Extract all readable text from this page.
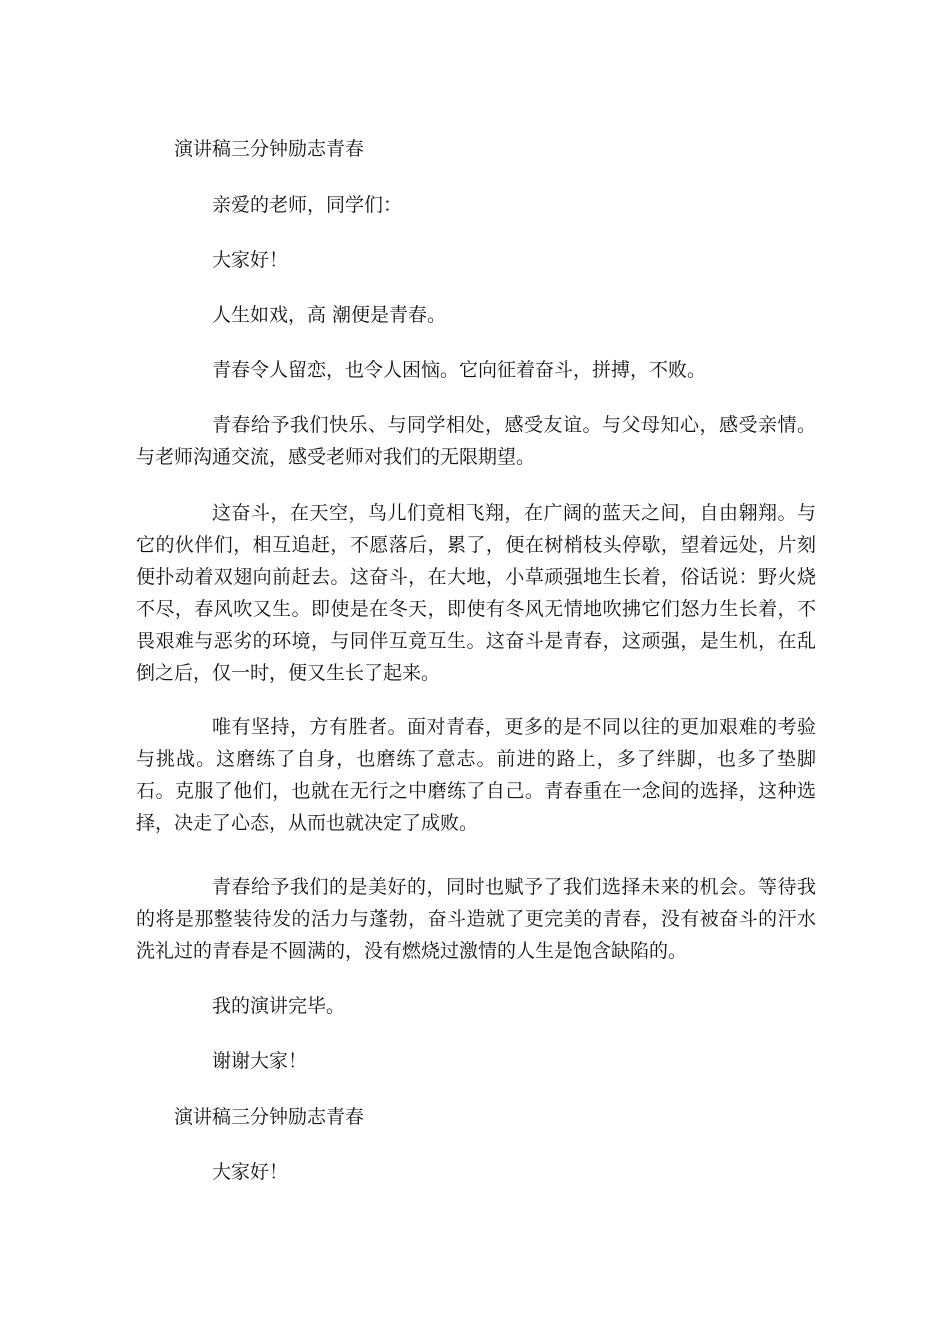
演讲稿三分钟励志青春

亲爱的老师，同学们：

大家好！

人生如戏，高 潮便是青春。

青春令人留恋，也令人困恼。它向征着奋斗，拼搏，不败。

青春给予我们快乐、与同学相处，感受友谊。与父母知心，感受亲情。与老师沟通交流，感受老师对我们的无限期望。

这奋斗，在天空，鸟儿们竟相飞翔，在广阔的蓝天之间，自由翱翔。与它的伙伴们，相互追赶，不愿落后，累了，便在树梢枝头停歇，望着远处，片刻便扑动着双翅向前赶去。这奋斗，在大地，小草顽强地生长着，俗话说：野火烧不尽，春风吹又生。即使是在冬天，即使有冬风无情地吹拂它们怒力生长着，不畏艰难与恶劣的环境，与同伴互竟互生。这奋斗是青春，这顽强，是生机，在乱倒之后，仅一时，便又生长了起来。

唯有坚持，方有胜者。面对青春，更多的是不同以往的更加艰难的考验与挑战。这磨练了自身，也磨练了意志。前进的路上，多了绊脚，也多了垫脚石。克服了他们，也就在无行之中磨练了自己。青春重在一念间的选择，这种选择，决走了心态，从而也就决定了成败。

青春给予我们的是美好的，同时也赋予了我们选择未来的机会。等待我的将是那整装待发的活力与蓬勃，奋斗造就了更完美的青春，没有被奋斗的汗水洗礼过的青春是不圆满的，没有燃烧过激情的人生是饱含缺陷的。

我的演讲完毕。

谢谢大家！

演讲稿三分钟励志青春

大家好！
